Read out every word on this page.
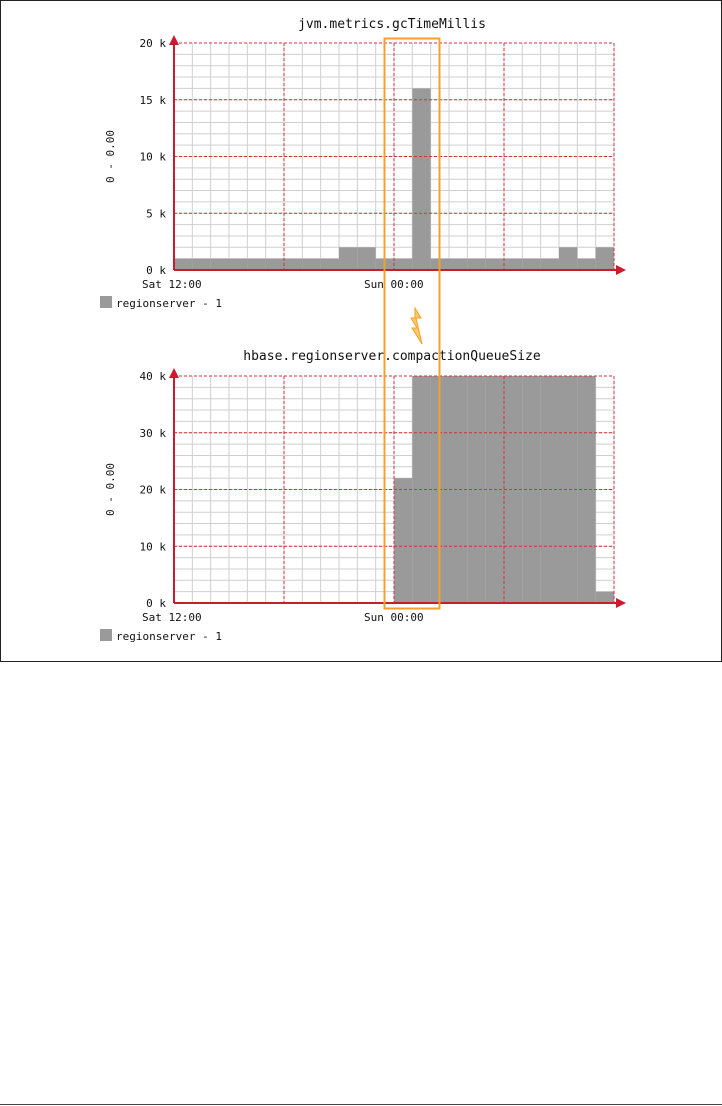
jvm.metrics.gcTimeMillis
0 k
5 k
10 k
15 k
20 k
0 - 0.00
Sat 12:00	Sun 00:00
regionserver - 1
hbase.regionserver.compactionQueueSize
0 k
10 k
20 k
30 k
40 k
0 - 0.00
Sat 12:00	Sun 00:00
regionserver - 1
